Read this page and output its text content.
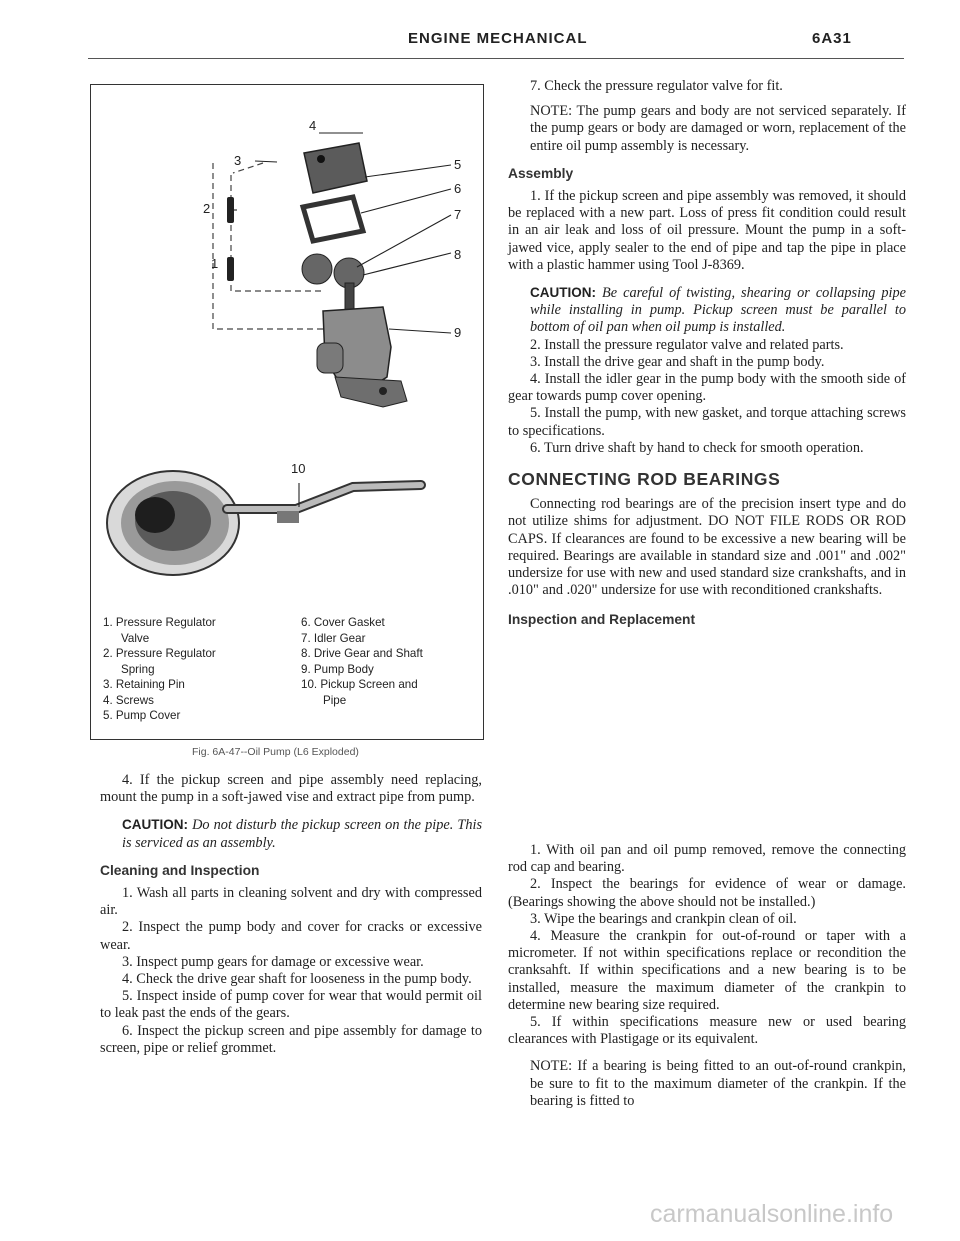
ENGINE MECHANICAL	6A31
3
2
1
4
5
6
7
8
9
10
1. Pressure Regulator
Valve
2. Pressure Regulator
Spring
3. Retaining Pin
4. Screws
5. Pump Cover
6. Cover Gasket
7. Idler Gear
8. Drive Gear and Shaft
9. Pump Body
10. Pickup Screen and
Pipe
Fig. 6A-47--Oil Pump (L6 Exploded)

4. If the pickup screen and pipe assembly need replacing, mount the pump in a soft-jawed vise and extract pipe from pump.

CAUTION: Do not disturb the pickup screen on the pipe. This is serviced as an assembly.

Cleaning and Inspection

1. Wash all parts in cleaning solvent and dry with compressed air.

2. Inspect the pump body and cover for cracks or excessive wear.

3. Inspect pump gears for damage or excessive wear.

4. Check the drive gear shaft for looseness in the pump body.

5. Inspect inside of pump cover for wear that would permit oil to leak past the ends of the gears.

6. Inspect the pickup screen and pipe assembly for damage to screen, pipe or relief grommet.

7. Check the pressure regulator valve for fit.

NOTE: The pump gears and body are not serviced separately. If the pump gears or body are damaged or worn, replacement of the entire oil pump assembly is necessary.

Assembly

1. If the pickup screen and pipe assembly was removed, it should be replaced with a new part. Loss of press fit condition could result in an air leak and loss of oil pressure. Mount the pump in a soft-jawed vice, apply sealer to the end of pipe and tap the pipe in place with a plastic hammer using Tool J-8369.

CAUTION: Be careful of twisting, shearing or collapsing pipe while installing in pump. Pickup screen must be parallel to bottom of oil pan when oil pump is installed.

2. Install the pressure regulator valve and related parts.

3. Install the drive gear and shaft in the pump body.

4. Install the idler gear in the pump body with the smooth side of gear towards pump cover opening.

5. Install the pump, with new gasket, and torque attaching screws to specifications.

6. Turn drive shaft by hand to check for smooth operation.

CONNECTING ROD BEARINGS

Connecting rod bearings are of the precision insert type and do not utilize shims for adjustment. DO NOT FILE RODS OR ROD CAPS. If clearances are found to be excessive a new bearing will be required. Bearings are available in standard size and .001" and .002" undersize for use with new and used standard size crankshafts, and in .010" and .020" undersize for use with reconditioned crankshafts.

Inspection and Replacement

1. With oil pan and oil pump removed, remove the connecting rod cap and bearing.

2. Inspect the bearings for evidence of wear or damage. (Bearings showing the above should not be installed.)

3. Wipe the bearings and crankpin clean of oil.

4. Measure the crankpin for out-of-round or taper with a micrometer. If not within specifications replace or recondition the cranksahft. If within specifications and a new bearing is to be installed, measure the maximum diameter of the crankpin to determine new bearing size required.

5. If within specifications measure new or used bearing clearances with Plastigage or its equivalent.

NOTE: If a bearing is being fitted to an out-of-round crankpin, be sure to fit to the maximum diameter of the crankpin. If the bearing is fitted to

carmanualsonline.info
